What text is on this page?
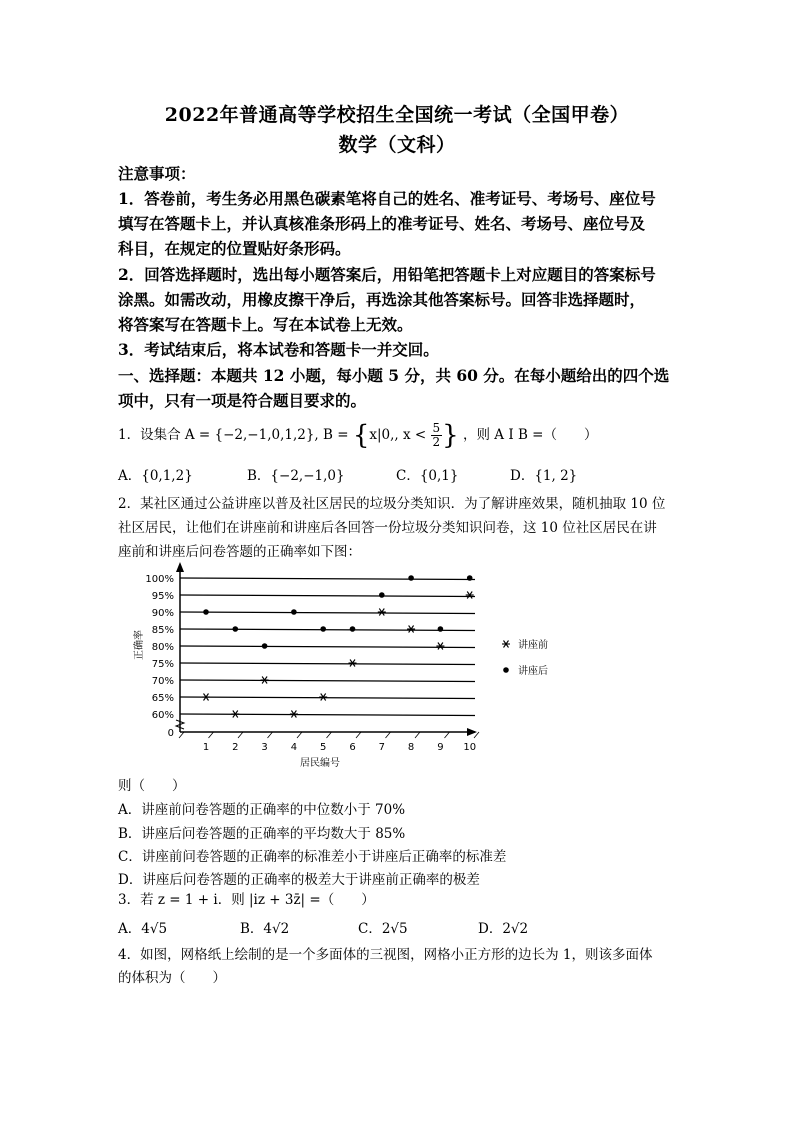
2022年普通高等学校招生全国统一考试（全国甲卷）
数学（文科）
注意事项：
1．答卷前，考生务必用黑色碳素笔将自己的姓名、准考证号、考场号、座位号
填写在答题卡上，并认真核准条形码上的准考证号、姓名、考场号、座位号及
科目，在规定的位置贴好条形码。
2．回答选择题时，选出每小题答案后，用铅笔把答题卡上对应题目的答案标号
涂黑。如需改动，用橡皮擦干净后，再选涂其他答案标号。回答非选择题时，
将答案写在答题卡上。写在本试卷上无效。
3．考试结束后，将本试卷和答题卡一并交回。
一、选择题：本题共 12 小题，每小题 5 分，共 60 分。在每小题给出的四个选
项中，只有一项是符合题目要求的。
1．设集合 A = {−2,−1,0,1,2}, B = {x|0,, $x < \frac{5}{2}$ } ，则 A I B =（　　）
A．{0,1,2}	B．{−2,−1,0}	C．{0,1}	D．{1, 2}
2．某社区通过公益讲座以普及社区居民的垃圾分类知识．为了解讲座效果，随机抽取 10 位
社区居民，让他们在讲座前和讲座后各回答一份垃圾分类知识问卷，这 10 位社区居民在讲
座前和讲座后问卷答题的正确率如下图：
0
60%
65%
70%
75%
80%
85%
90%
95%
100%
正确率
1 2 3 4 5 6 7 8 9 10
居民编号
讲座前
讲座后
则（　　）
A．讲座前问卷答题的正确率的中位数小于 70%
B．讲座后问卷答题的正确率的平均数大于 85%
C．讲座前问卷答题的正确率的标准差小于讲座后正确率的标准差
D．讲座后问卷答题的正确率的极差大于讲座前正确率的极差
3．若 z = 1 + i．则 |iz + 3z̄| =（　　）
A．4√5	B．4√2	C．2√5	D．2√2
4．如图，网格纸上绘制的是一个多面体的三视图，网格小正方形的边长为 1，则该多面体
的体积为（　　）
